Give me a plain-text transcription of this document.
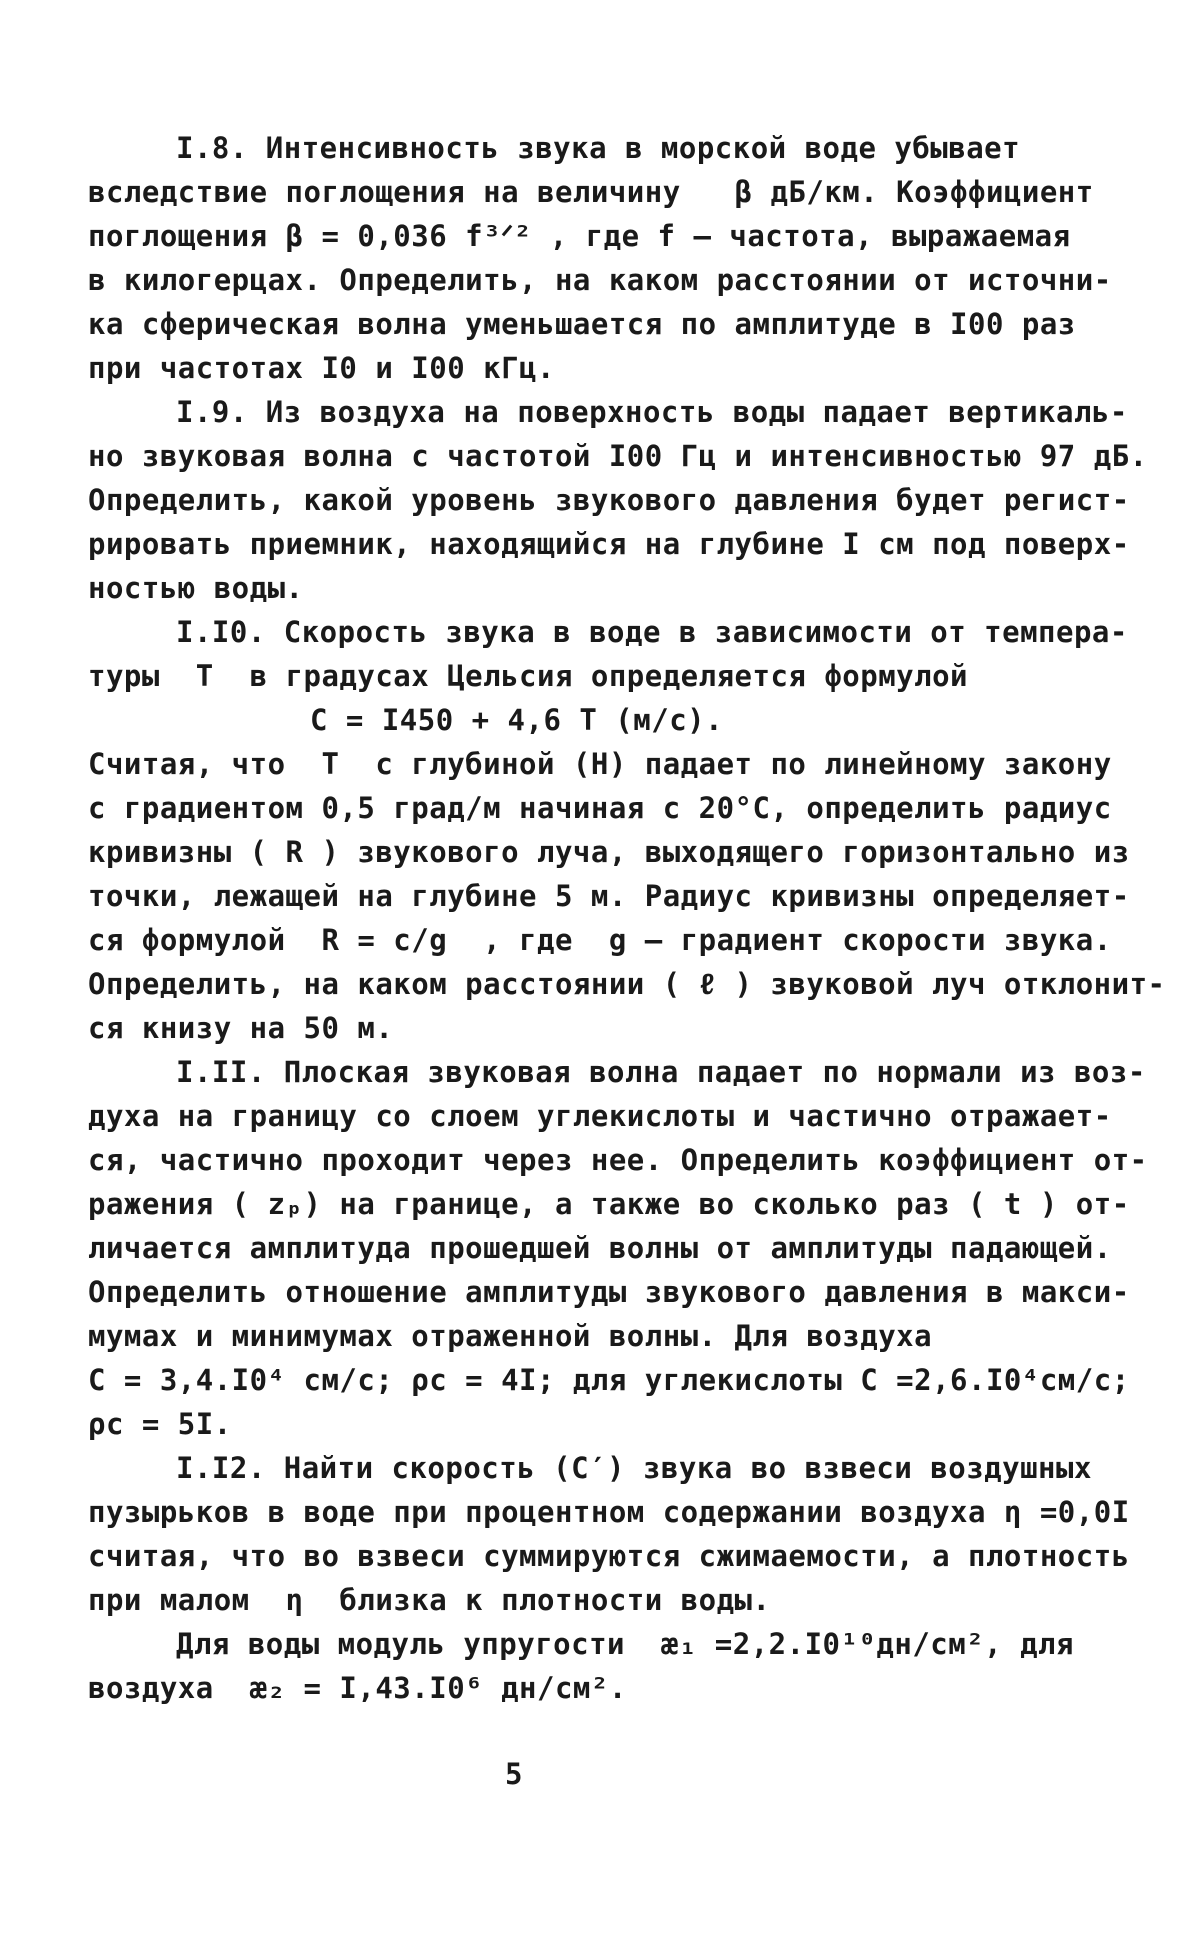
I.8. Интенсивность звука в морской воде убывает
вследствие поглощения на величину   β дБ/км. Коэффициент
поглощения β = 0,036 f³ᐟ² , где f – частота, выражаемая
в килогерцах. Определить, на каком расстоянии от источни-
ка сферическая волна уменьшается по амплитуде в I00 раз
при частотах I0 и I00 кГц.
I.9. Из воздуха на поверхность воды падает вертикаль-
но звуковая волна с частотой I00 Гц и интенсивностью 97 дБ.
Определить, какой уровень звукового давления будет регист-
рировать приемник, находящийся на глубине I см под поверх-
ностью воды.
I.I0. Скорость звука в воде в зависимости от темпера-
туры  Т  в градусах Цельсия определяется формулой
C = I450 + 4,6 T (м/с).
Считая, что  Т  с глубиной (Н) падает по линейному закону
с градиентом 0,5 град/м начиная с 20°С, определить радиус
кривизны ( R ) звукового луча, выходящего горизонтально из
точки, лежащей на глубине 5 м. Радиус кривизны определяет-
ся формулой  R = c/g  , где  g – градиент скорости звука.
Определить, на каком расстоянии ( ℓ ) звуковой луч отклонит-
ся книзу на 50 м.
I.II. Плоская звуковая волна падает по нормали из воз-
духа на границу со слоем углекислоты и частично отражает-
ся, частично проходит через нее. Определить коэффициент от-
ражения ( zₚ) на границе, а также во сколько раз ( t ) от-
личается амплитуда прошедшей волны от амплитуды падающей.
Определить отношение амплитуды звукового давления в макси-
мумах и минимумах отраженной волны. Для воздуха
C = 3,4.I0⁴ см/с; ρc = 4I; для углекислоты C =2,6.I0⁴см/с;
ρc = 5I.
I.I2. Найти скорость (C′) звука во взвеси воздушных
пузырьков в воде при процентном содержании воздуха η =0,0I
считая, что во взвеси суммируются сжимаемости, а плотность
при малом  η  близка к плотности воды.
Для воды модуль упругости  æ₁ =2,2.I0¹⁰дн/см², для
воздуха  æ₂ = I,43.I0⁶ дн/см².
5
